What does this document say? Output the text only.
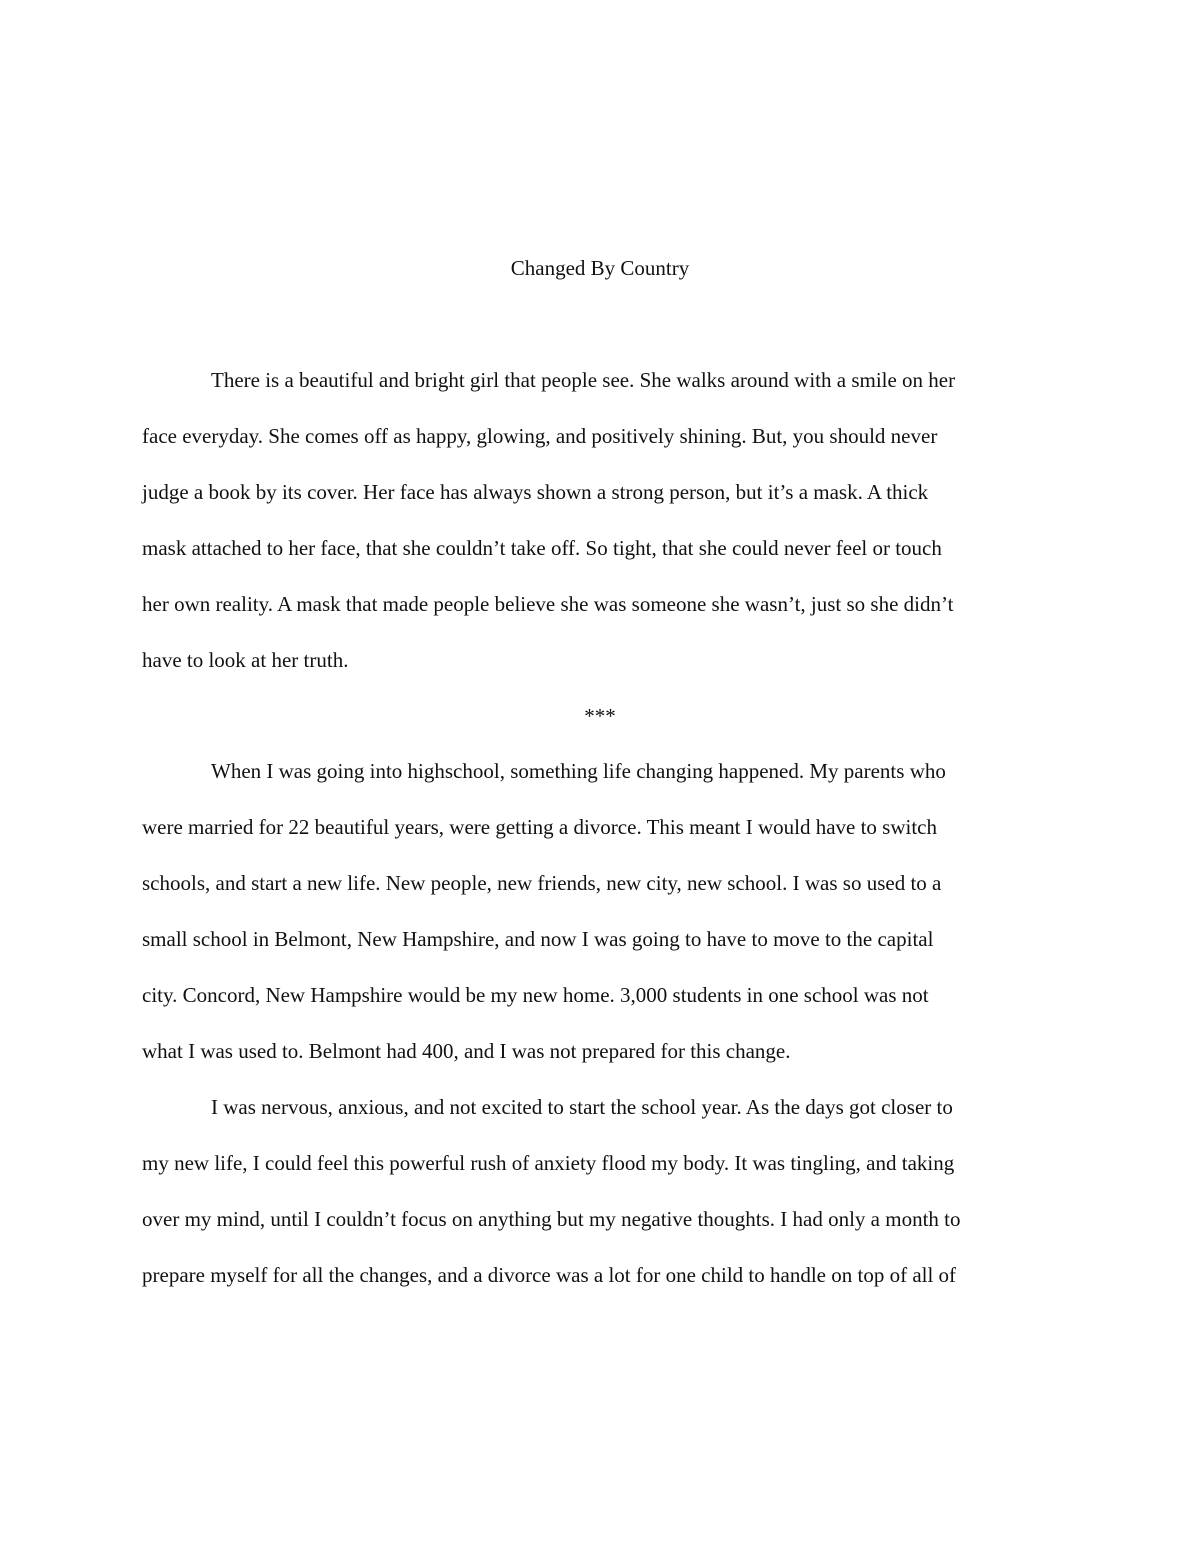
Changed By Country

There is a beautiful and bright girl that people see. She walks around with a smile on her

face everyday. She comes off as happy, glowing, and positively shining. But, you should never

judge a book by its cover. Her face has always shown a strong person, but it’s a mask. A thick

mask attached to her face, that she couldn’t take off. So tight, that she could never feel or touch

her own reality. A mask that made people believe she was someone she wasn’t, just so she didn’t

have to look at her truth.

***

When I was going into highschool, something life changing happened. My parents who

were married for 22 beautiful years, were getting a divorce. This meant I would have to switch

schools, and start a new life. New people, new friends, new city, new school. I was so used to a

small school in Belmont, New Hampshire, and now I was going to have to move to the capital

city. Concord, New Hampshire would be my new home. 3,000 students in one school was not

what I was used to. Belmont had 400, and I was not prepared for this change.

I was nervous, anxious, and not excited to start the school year. As the days got closer to

my new life, I could feel this powerful rush of anxiety flood my body. It was tingling, and taking

over my mind, until I couldn’t focus on anything but my negative thoughts. I had only a month to

prepare myself for all the changes, and a divorce was a lot for one child to handle on top of all of
